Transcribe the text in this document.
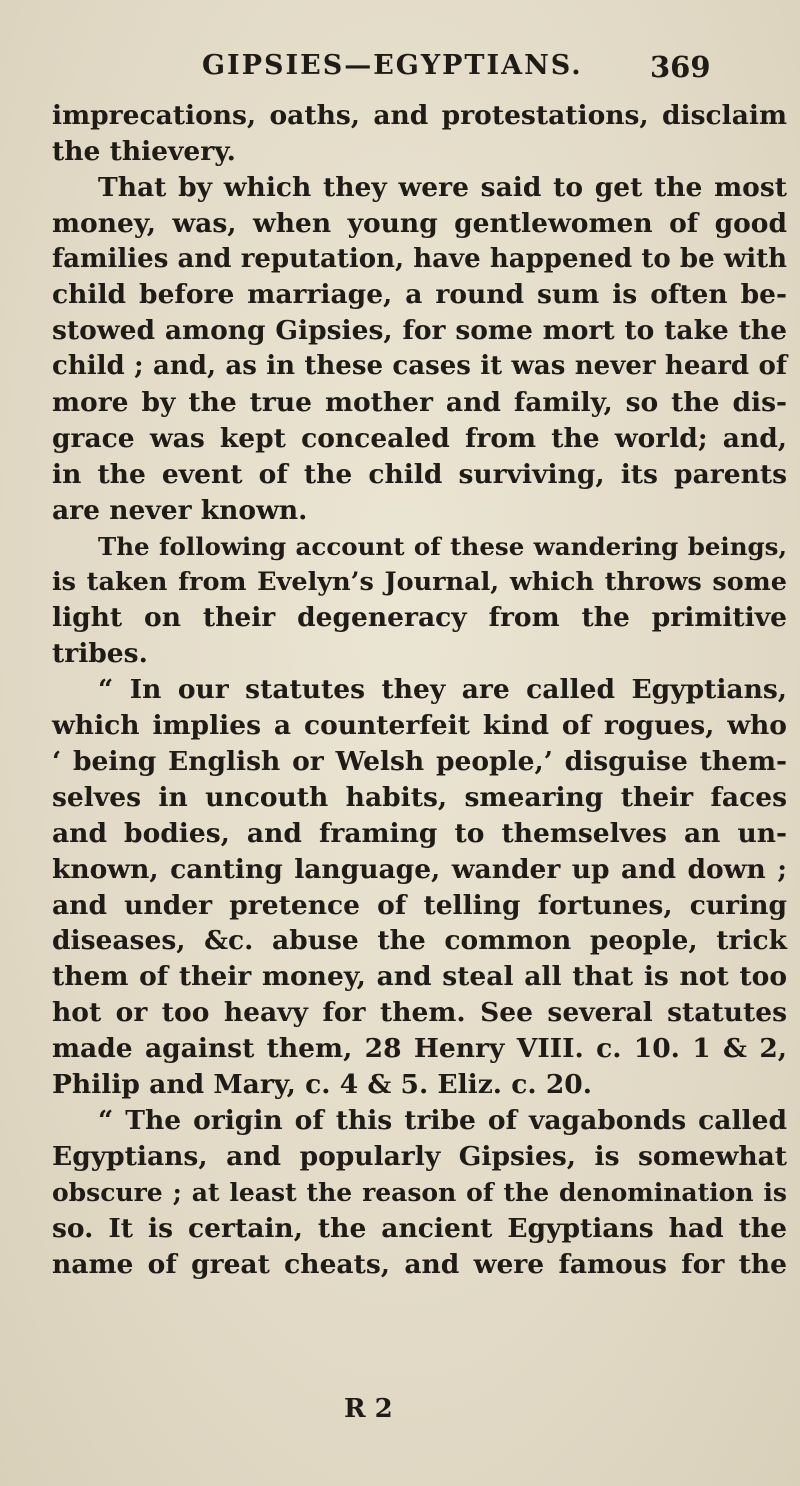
GIPSIES—EGYPTIANS. 369
imprecations, oaths, and protestations, disclaim
the thievery.
That by which they were said to get the most
money, was, when young gentlewomen of good
families and reputation, have happened to be with
child before marriage, a round sum is often be-
stowed among Gipsies, for some mort to take the
child ; and, as in these cases it was never heard of
more by the true mother and family, so the dis-
grace was kept concealed from the world; and,
in the event of the child surviving, its parents
are never known.
The following account of these wandering beings,
is taken from Evelyn’s Journal, which throws some
light on their degeneracy from the primitive
tribes.
“ In our statutes they are called Egyptians,
which implies a counterfeit kind of rogues, who
‘ being English or Welsh people,’ disguise them-
selves in uncouth habits, smearing their faces
and bodies, and framing to themselves an un-
known, canting language, wander up and down ;
and under pretence of telling fortunes, curing
diseases, &c. abuse the common people, trick
them of their money, and steal all that is not too
hot or too heavy for them. See several statutes
made against them, 28 Henry VIII. c. 10. 1 & 2,
Philip and Mary, c. 4 & 5. Eliz. c. 20.
“ The origin of this tribe of vagabonds called
Egyptians, and popularly Gipsies, is somewhat
obscure ; at least the reason of the denomination is
so. It is certain, the ancient Egyptians had the
name of great cheats, and were famous for the
R 2
